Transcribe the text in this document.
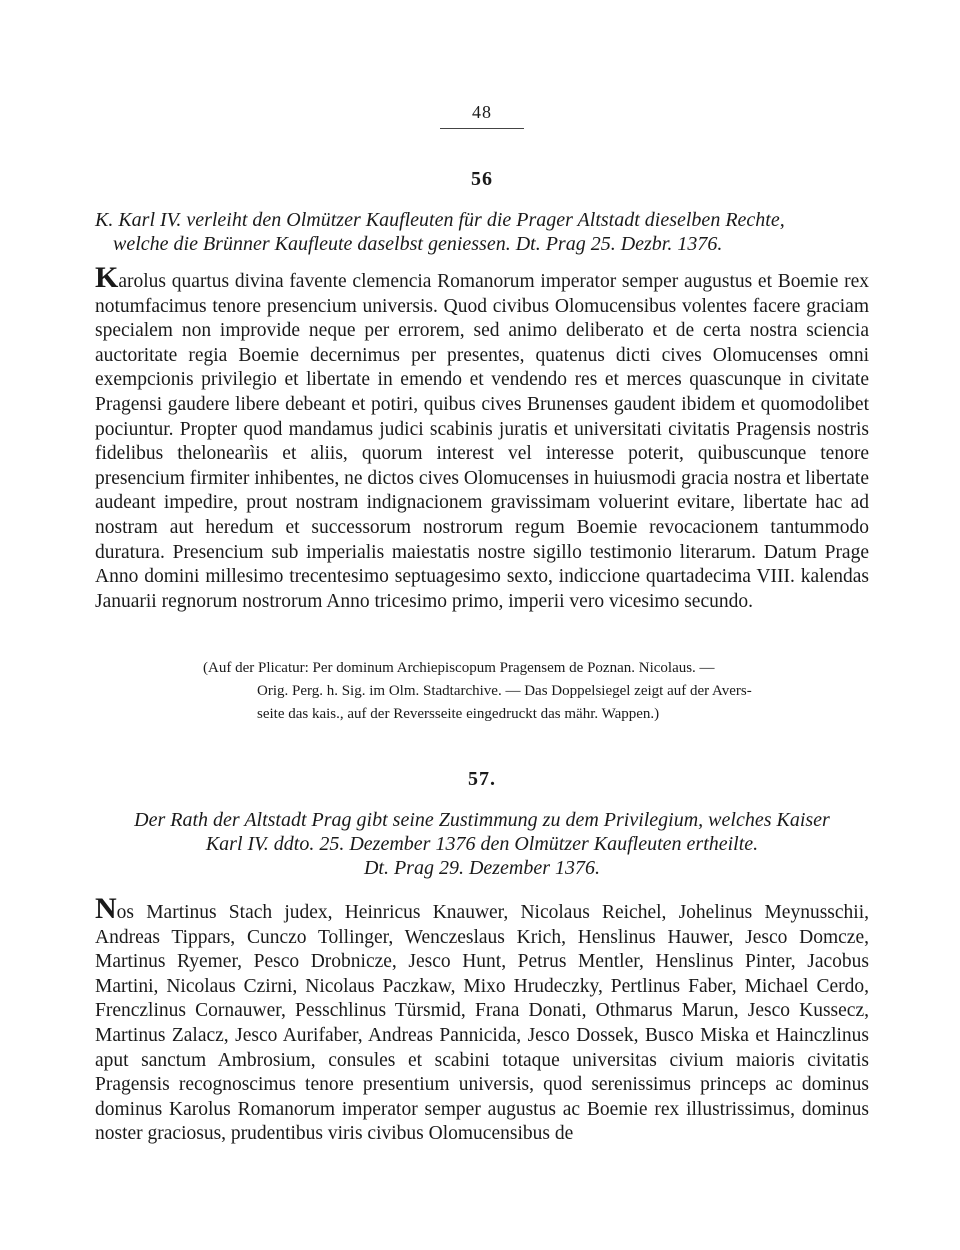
48
56
K. Karl IV. verleiht den Olmützer Kaufleuten für die Prager Altstadt dieselben Rechte,
welche die Brünner Kaufleute daselbst geniessen. Dt. Prag 25. Dezbr. 1376.
Karolus quartus divina favente clemencia Romanorum imperator semper augustus et Boemie rex notumfacimus tenore presencium universis. Quod civibus Olomucensibus volentes facere graciam specialem non improvide neque per errorem, sed animo deliberato et de certa nostra sciencia auctoritate regia Boemie decernimus per presentes, quatenus dicti cives Olomucenses omni exempcionis privilegio et libertate in emendo et vendendo res et merces quascunque in civitate Pragensi gaudere libere debeant et potiri, quibus cives Brunenses gaudent ibidem et quomodolibet pociuntur. Propter quod mandamus judici scabinis juratis et universitati civitatis Pragensis nostris fidelibus thelonearìis et aliis, quorum interest vel interesse poterit, quibuscunque tenore presencium firmiter inhibentes, ne dictos cives Olomucenses in huiusmodi gracia nostra et libertate audeant impedire, prout nostram indignacionem gravissimam voluerint evitare, libertate hac ad nostram aut heredum et successorum nostrorum regum Boemie revocacionem tantummodo duratura. Presencium sub imperialis maiestatis nostre sigillo testimonio literarum. Datum Prage Anno domini millesimo trecentesimo septuagesimo sexto, indiccione quartadecima VIII. kalendas Januarii regnorum nostrorum Anno tricesimo primo, imperii vero vicesimo secundo.
(Auf der Plicatur: Per dominum Archiepiscopum Pragensem de Poznan. Nicolaus. —
Orig. Perg. h. Sig. im Olm. Stadtarchive. — Das Doppelsiegel zeigt auf der Avers-
seite das kais., auf der Reversseite eingedruckt das mähr. Wappen.)
57.
Der Rath der Altstadt Prag gibt seine Zustimmung zu dem Privilegium, welches Kaiser
Karl IV. ddto. 25. Dezember 1376 den Olmützer Kaufleuten ertheilte.
Dt. Prag 29. Dezember 1376.
Nos Martinus Stach judex, Heinricus Knauwer, Nicolaus Reichel, Johelinus Meynusschii, Andreas Tippars, Cunczo Tollinger, Wenczeslaus Krich, Henslinus Hauwer, Jesco Domcze, Martinus Ryemer, Pesco Drobnicze, Jesco Hunt, Petrus Mentler, Henslinus Pinter, Jacobus Martini, Nicolaus Czirni, Nicolaus Paczkaw, Mixo Hrudeczky, Pertlinus Faber, Michael Cerdo, Frenczlinus Cornauwer, Pesschlinus Türsmid, Frana Donati, Othmarus Marun, Jesco Kussecz, Martinus Zalacz, Jesco Aurifaber, Andreas Pannicida, Jesco Dossek, Busco Miska et Hainczlinus aput sanctum Ambrosium, consules et scabini totaque universitas civium maioris civitatis Pragensis recognoscimus tenore presentium universis, quod serenissimus princeps ac dominus dominus Karolus Romanorum imperator semper augustus ac Boemie rex illustrissimus, dominus noster graciosus, prudentibus viris civibus Olomucensibus de
